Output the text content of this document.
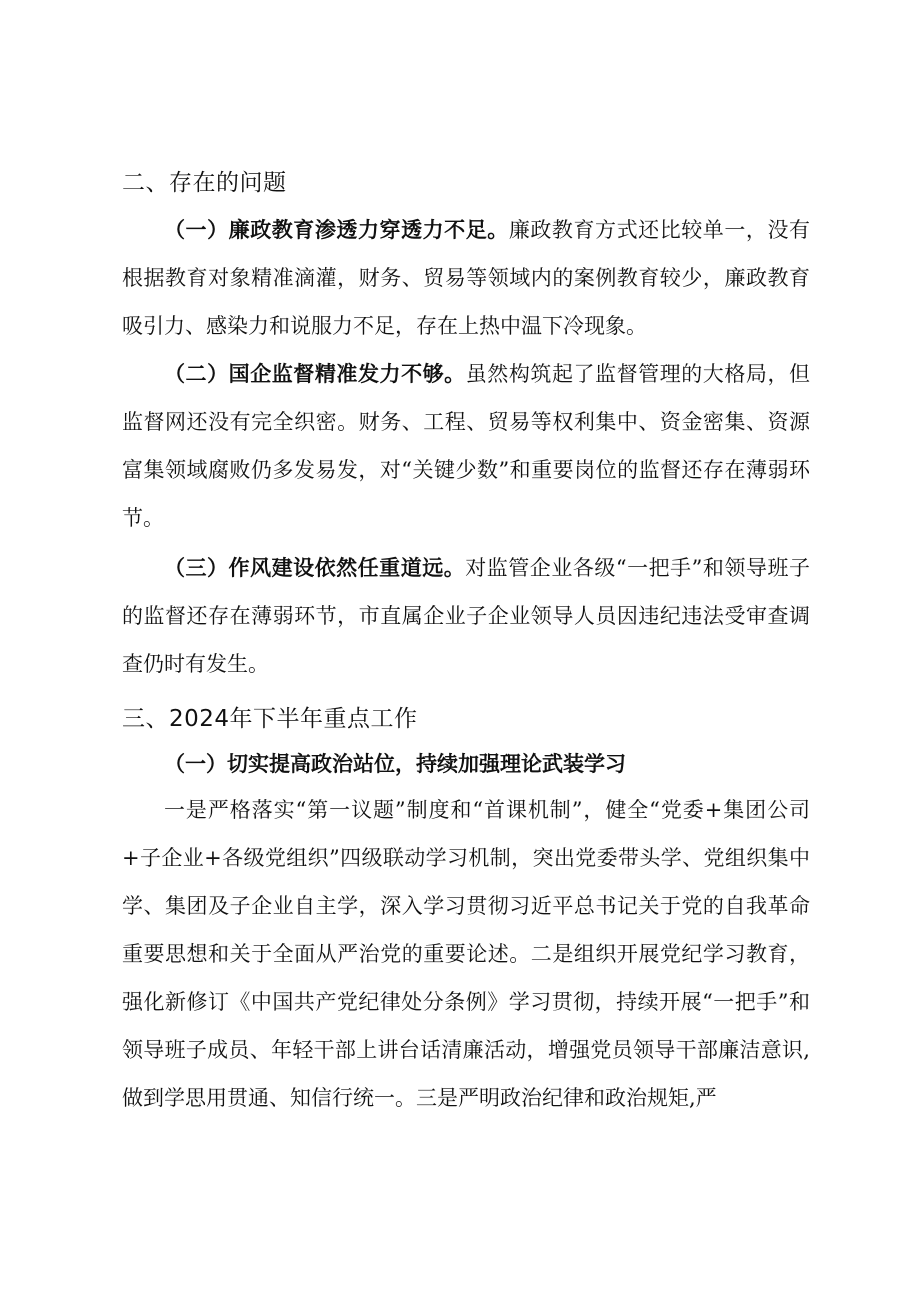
二、存在的问题

（一）廉政教育渗透力穿透力不足。廉政教育方式还比较单一，没有根据教育对象精准滴灌，财务、贸易等领域内的案例教育较少，廉政教育吸引力、感染力和说服力不足，存在上热中温下冷现象。

（二）国企监督精准发力不够。虽然构筑起了监督管理的大格局，但监督网还没有完全织密。财务、工程、贸易等权利集中、资金密集、资源富集领域腐败仍多发易发，对“关键少数”和重要岗位的监督还存在薄弱环节。

（三）作风建设依然任重道远。对监管企业各级“一把手”和领导班子的监督还存在薄弱环节，市直属企业子企业领导人员因违纪违法受审查调查仍时有发生。

三、2024年下半年重点工作
（一）切实提高政治站位，持续加强理论武装学习

一是严格落实“第一议题”制度和“首课机制”，健全“党委+集团公司+子企业+各级党组织”四级联动学习机制，突出党委带头学、党组织集中学、集团及子企业自主学，深入学习贯彻习近平总书记关于党的自我革命重要思想和关于全面从严治党的重要论述。二是组织开展党纪学习教育，强化新修订《中国共产党纪律处分条例》学习贯彻，持续开展“一把手”和领导班子成员、年轻干部上讲台话清廉活动，增强党员领导干部廉洁意识,做到学思用贯通、知信行统一。三是严明政治纪律和政治规矩,严
